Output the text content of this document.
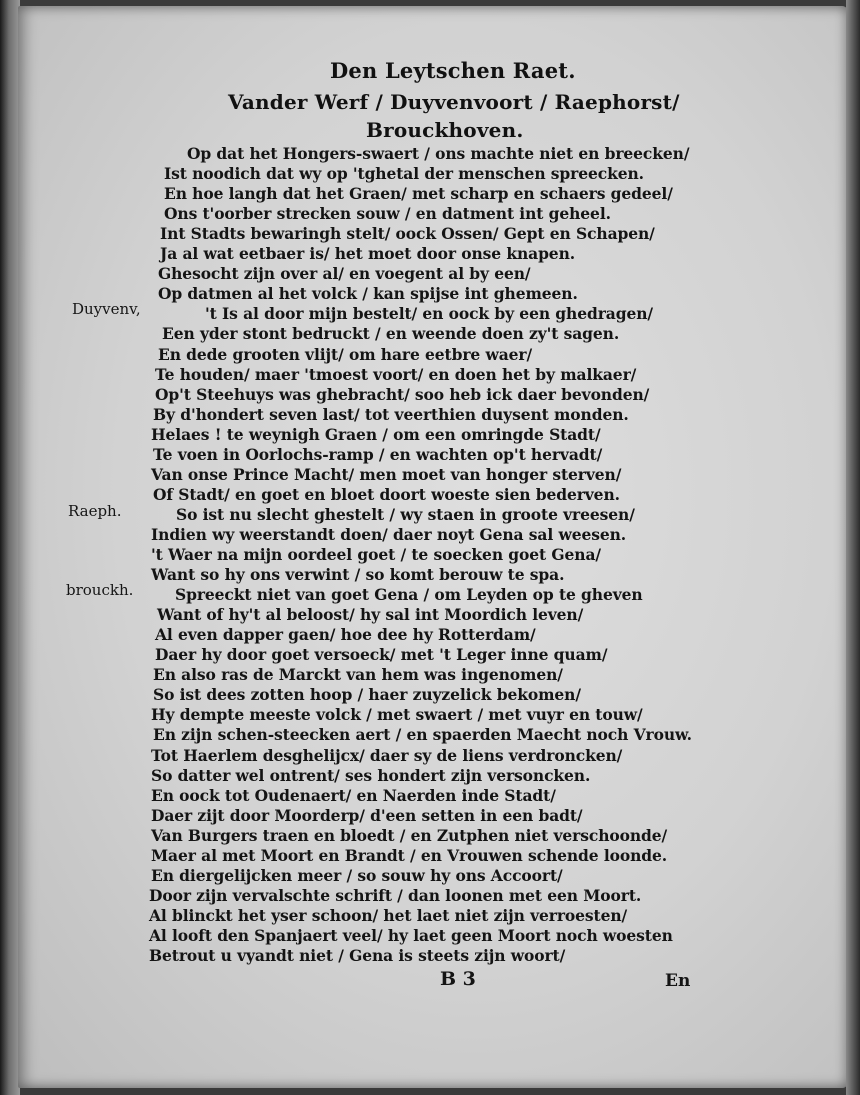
Den Leytschen Raet.
Vander Werf / Duyvenvoort / Raephorst/
Brouckhoven.
Duyvenv,
Raeph.
brouckh.
Op dat het Hongers-swaert / ons machte niet en breecken/
Ist noodich dat wy op 'tghetal der menschen spreecken.
En hoe langh dat het Graen/ met scharp en schaers gedeel/
Ons t'oorber strecken souw / en datment int geheel.
Int Stadts bewaringh stelt/ oock Ossen/ Gept en Schapen/
Ja al wat eetbaer is/ het moet door onse knapen.
Ghesocht zijn over al/ en voegent al by een/
Op datmen al het volck / kan spijse int ghemeen.
't Is al door mijn bestelt/ en oock by een ghedragen/
Een yder stont bedruckt / en weende doen zy't sagen.
En dede grooten vlijt/ om hare eetbre waer/
Te houden/ maer 'tmoest voort/ en doen het by malkaer/
Op't Steehuys was ghebracht/ soo heb ick daer bevonden/
By d'hondert seven last/ tot veerthien duysent monden.
Helaes ! te weynigh Graen / om een omringde Stadt/
Te voen in Oorlochs-ramp / en wachten op't hervadt/
Van onse Prince Macht/ men moet van honger sterven/
Of Stadt/ en goet en bloet doort woeste sien bederven.
So ist nu slecht ghestelt / wy staen in groote vreesen/
Indien wy weerstandt doen/ daer noyt Gena sal weesen.
't Waer na mijn oordeel goet / te soecken goet Gena/
Want so hy ons verwint / so komt berouw te spa.
Spreeckt niet van goet Gena / om Leyden op te gheven
Want of hy't al beloost/ hy sal int Moordich leven/
Al even dapper gaen/ hoe dee hy Rotterdam/
Daer hy door goet versoeck/ met 't Leger inne quam/
En also ras de Marckt van hem was ingenomen/
So ist dees zotten hoop / haer zuyzelick bekomen/
Hy dempte meeste volck / met swaert / met vuyr en touw/
En zijn schen-steecken aert / en spaerden Maecht noch Vrouw.
Tot Haerlem desghelijcx/ daer sy de liens verdroncken/
So datter wel ontrent/ ses hondert zijn versoncken.
En oock tot Oudenaert/ en Naerden inde Stadt/
Daer zijt door Moorderp/ d'een setten in een badt/
Van Burgers traen en bloedt / en Zutphen niet verschoonde/
Maer al met Moort en Brandt / en Vrouwen schende loonde.
En diergelijcken meer / so souw hy ons Accoort/
Door zijn vervalschte schrift / dan loonen met een Moort.
Al blinckt het yser schoon/ het laet niet zijn verroesten/
Al looft den Spanjaert veel/ hy laet geen Moort noch woesten
Betrout u vyandt niet / Gena is steets zijn woort/
B 3	En
